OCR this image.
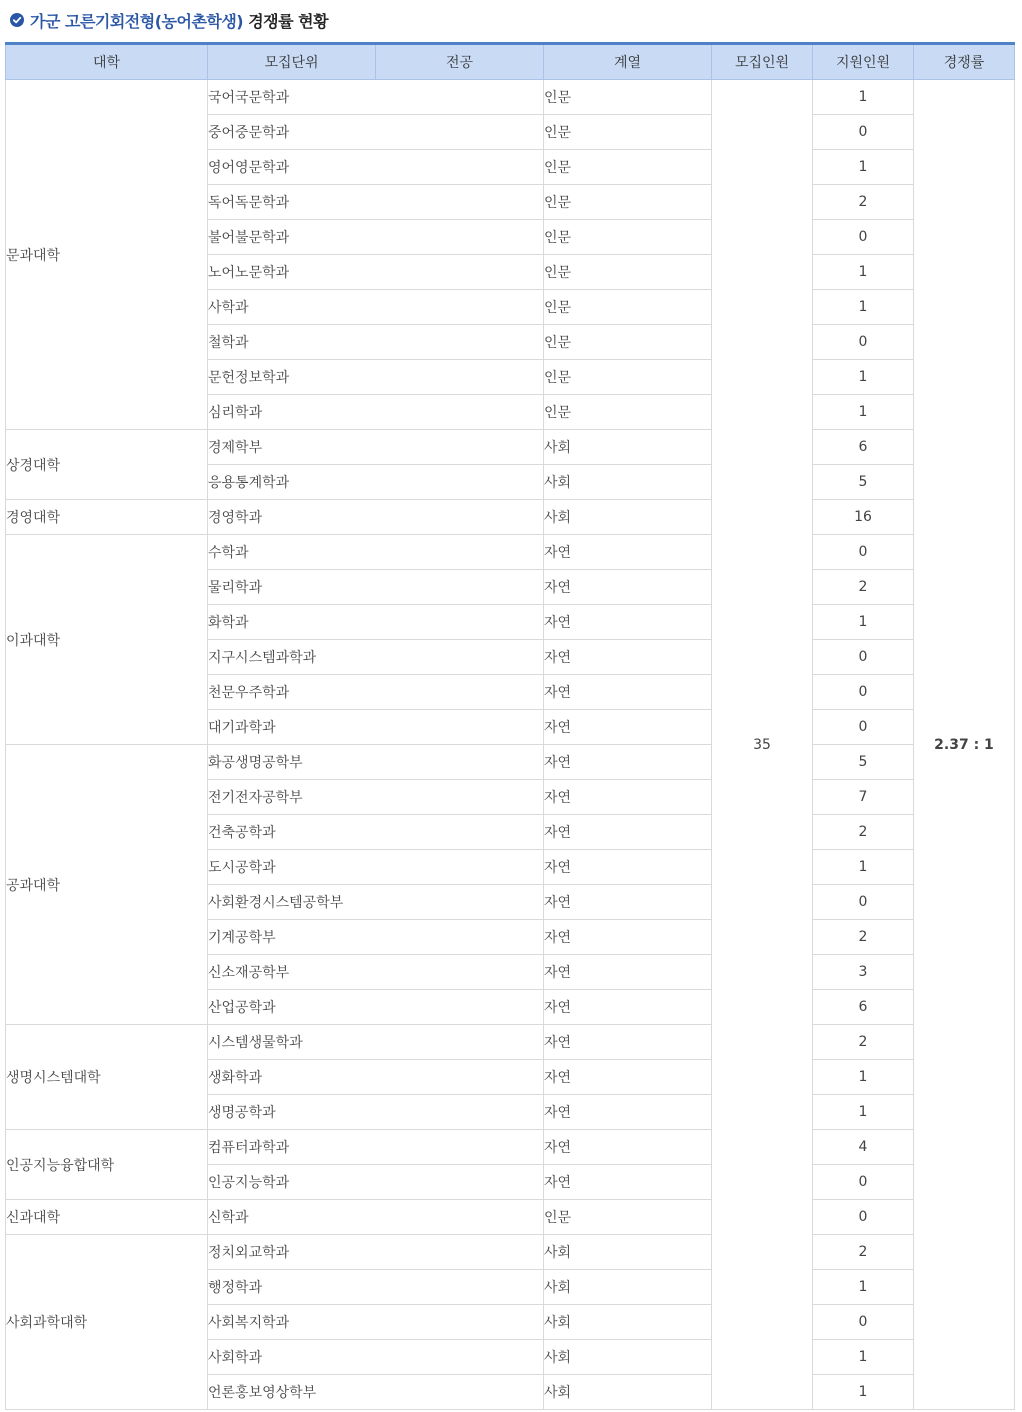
가군 고른기회전형(농어촌학생) 경쟁률 현황
대학	모집단위	전공	계열	모집인원	지원인원	경쟁률
문과대학	국어국문학과		인문	35	1	2.37 : 1
	중어중문학과		인문		0	
	영어영문학과		인문		1	
	독어독문학과		인문		2	
	불어불문학과		인문		0	
	노어노문학과		인문		1	
	사학과		인문		1	
	철학과		인문		0	
	문헌정보학과		인문		1	
	심리학과		인문		1	
상경대학	경제학부		사회		6	
	응용통계학과		사회		5	
경영대학	경영학과		사회		16	
이과대학	수학과		자연		0	
	물리학과		자연		2	
	화학과		자연		1	
	지구시스템과학과		자연		0	
	천문우주학과		자연		0	
	대기과학과		자연		0	
공과대학	화공생명공학부		자연		5	
	전기전자공학부		자연		7	
	건축공학과		자연		2	
	도시공학과		자연		1	
	사회환경시스템공학부		자연		0	
	기계공학부		자연		2	
	신소재공학부		자연		3	
	산업공학과		자연		6	
생명시스템대학	시스템생물학과		자연		2	
	생화학과		자연		1	
	생명공학과		자연		1	
인공지능융합대학	컴퓨터과학과		자연		4	
	인공지능학과		자연		0	
신과대학	신학과		인문		0	
사회과학대학	정치외교학과		사회		2	
	행정학과		사회		1	
	사회복지학과		사회		0	
	사회학과		사회		1	
	언론홍보영상학부		사회		1	
